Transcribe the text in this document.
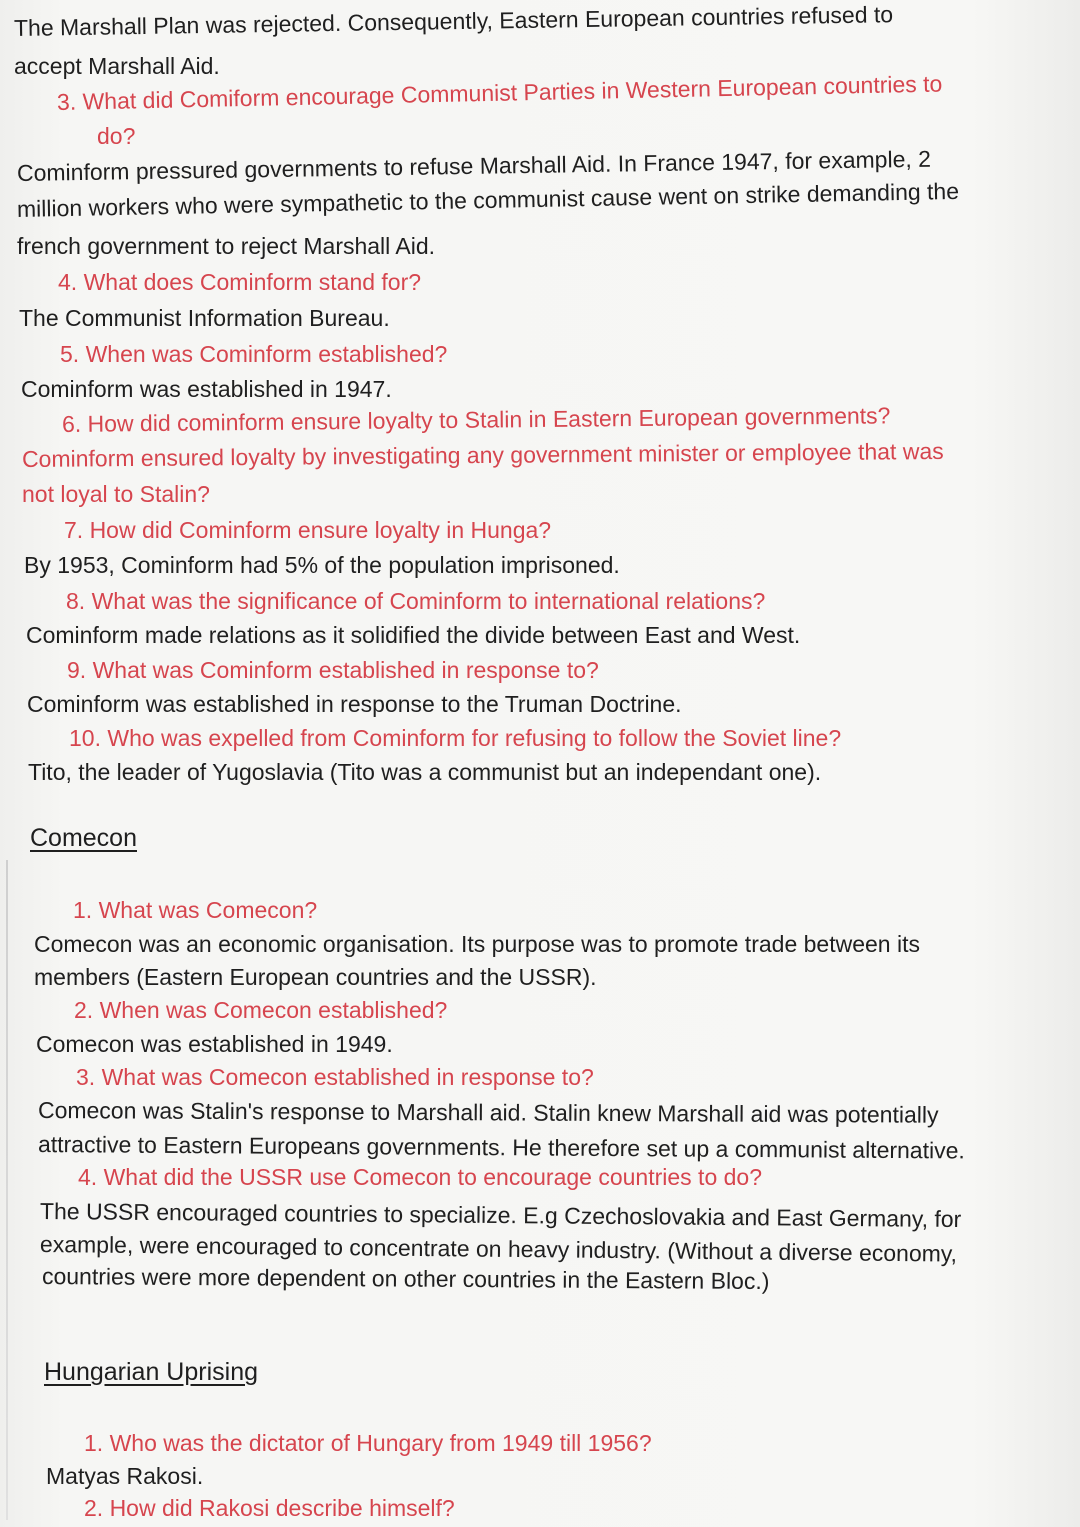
The Marshall Plan was rejected. Consequently, Eastern European countries refused to
accept Marshall Aid.
3. What did Comiform encourage Communist Parties in Western European countries to
do?
Cominform pressured governments to refuse Marshall Aid. In France 1947, for example, 2
million workers who were sympathetic to the communist cause went on strike demanding the
french government to reject Marshall Aid.
4. What does Cominform stand for?
The Communist Information Bureau.
5. When was Cominform established?
Cominform was established in 1947.
6. How did cominform ensure loyalty to Stalin in Eastern European governments?
Cominform ensured loyalty by investigating any government minister or employee that was
not loyal to Stalin?
7. How did Cominform ensure loyalty in Hunga?
By 1953, Cominform had 5% of the population imprisoned.
8. What was the significance of Cominform to international relations?
Cominform made relations as it solidified the divide between East and West.
9. What was Cominform established in response to?
Cominform was established in response to the Truman Doctrine.
10. Who was expelled from Cominform for refusing to follow the Soviet line?
Tito, the leader of Yugoslavia (Tito was a communist but an independant one).
Comecon
1. What was Comecon?
Comecon was an economic organisation. Its purpose was to promote trade between its
members (Eastern European countries and the USSR).
2. When was Comecon established?
Comecon was established in 1949.
3. What was Comecon established in response to?
Comecon was Stalin's response to Marshall aid. Stalin knew Marshall aid was potentially
attractive to Eastern Europeans governments. He therefore set up a communist alternative.
4. What did the USSR use Comecon to encourage countries to do?
The USSR encouraged countries to specialize. E.g Czechoslovakia and East Germany, for
example, were encouraged to concentrate on heavy industry. (Without a diverse economy,
countries were more dependent on other countries in the Eastern Bloc.)
Hungarian Uprising
1. Who was the dictator of Hungary from 1949 till 1956?
Matyas Rakosi.
2. How did Rakosi describe himself?
